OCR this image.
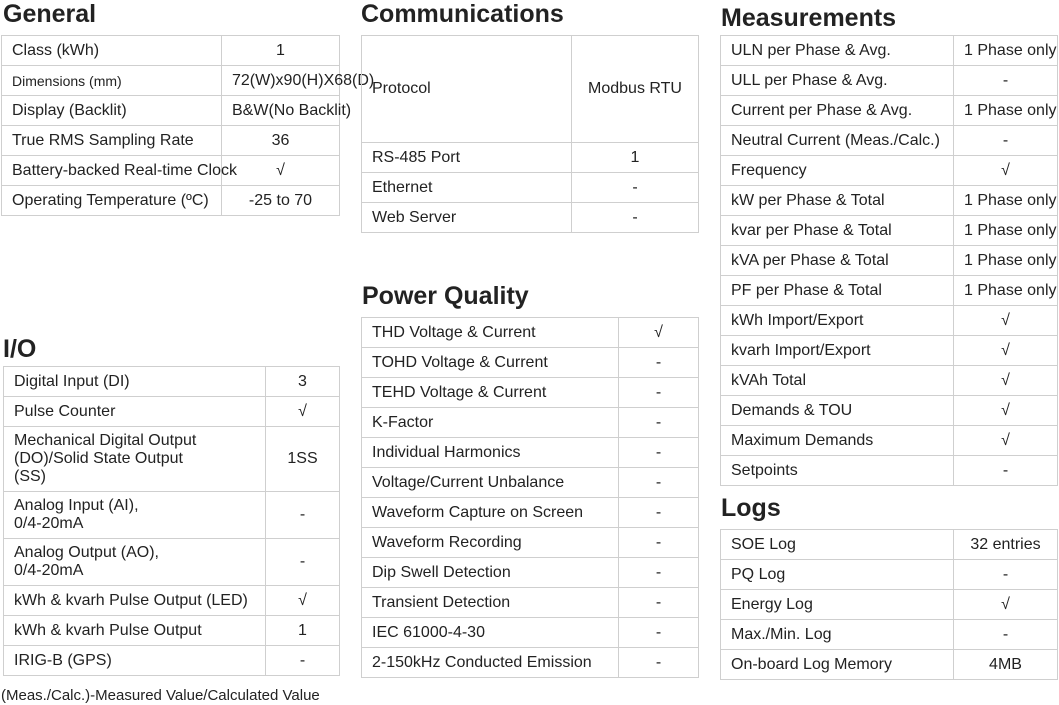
General
Class (kWh)	1
Dimensions (mm)	72(W)x90(H)X68(D)
Display (Backlit)	B&W(No Backlit)
True RMS Sampling Rate	36
Battery-backed Real-time Clock	√
Operating Temperature (ºC)	-25 to 70
I/O
Digital Input (DI)	3
Pulse Counter	√
Mechanical Digital Output (DO)/Solid State Output (SS)	1SS
Analog Input (AI), 0/4-20mA	-
Analog Output (AO), 0/4-20mA	-
kWh & kvarh Pulse Output (LED)	√
kWh & kvarh Pulse Output	1
IRIG-B (GPS)	-
(Meas./Calc.)-Measured Value/Calculated Value
Communications
Protocol	Modbus RTU
RS-485 Port	1
Ethernet	-
Web Server	-
Power Quality
THD Voltage & Current	√
TOHD Voltage & Current	-
TEHD Voltage & Current	-
K-Factor	-
Individual Harmonics	-
Voltage/Current Unbalance	-
Waveform Capture on Screen	-
Waveform Recording	-
Dip Swell Detection	-
Transient Detection	-
IEC 61000-4-30	-
2-150kHz Conducted Emission	-
Measurements
ULN per Phase & Avg.	1 Phase only
ULL per Phase & Avg.	-
Current per Phase & Avg.	1 Phase only
Neutral Current (Meas./Calc.)	-
Frequency	√
kW per Phase & Total	1 Phase only
kvar per Phase & Total	1 Phase only
kVA per Phase & Total	1 Phase only
PF per Phase & Total	1 Phase only
kWh Import/Export	√
kvarh Import/Export	√
kVAh Total	√
Demands & TOU	√
Maximum Demands	√
Setpoints	-
Logs
SOE Log	32 entries
PQ Log	-
Energy Log	√
Max./Min. Log	-
On-board Log Memory	4MB
